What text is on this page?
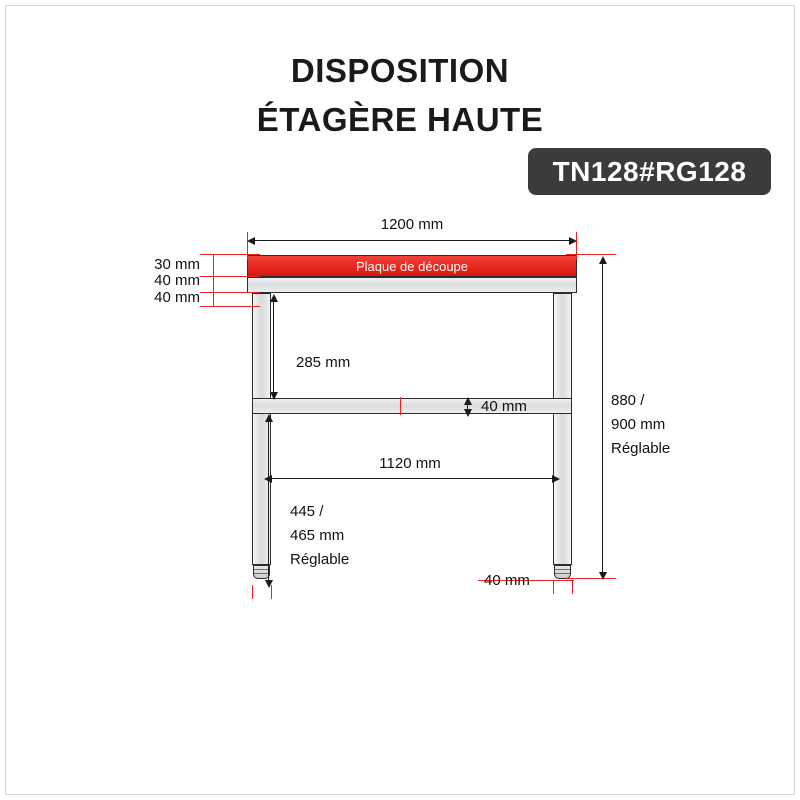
DISPOSITION
ÉTAGÈRE HAUTE
TN128#RG128
Plaque de découpe
1200 mm
30 mm
40 mm
40 mm
285 mm
40 mm
1120 mm
445 /
465 mm
Réglable
880 /
900 mm
Réglable
40 mm
